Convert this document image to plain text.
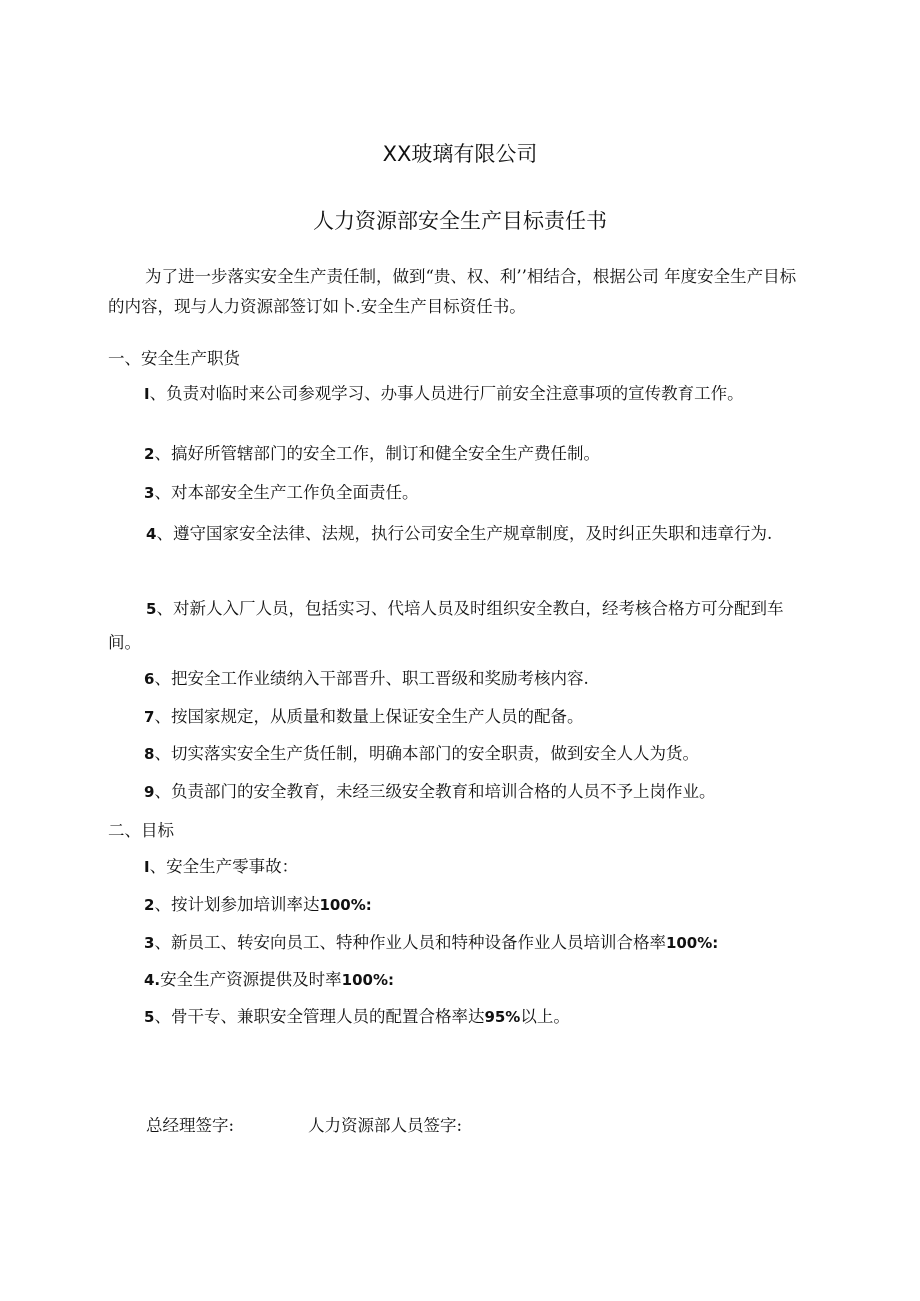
XX玻璃有限公司
人力资源部安全生产目标责任书
为了进一步落实安全生产责任制，做到“贵、权、利’’相结合，根据公司 年度安全生产目标的内容，现与人力资源部签订如卜.安全生产目标资任书。
一、安全生产职货
I、负责对临时来公司参观学习、办事人员进行厂前安全注意事项的宣传教育工作。
2、搞好所管辖部门的安全工作，制订和健全安全生产费任制。
3、对本部安全生产工作负全面责任。
4、遵守国家安全法律、法规，执行公司安全生产规章制度，及时纠正失职和违章行为.
5、对新人入厂人员，包括实习、代培人员及时组织安全教白，经考核合格方可分配到车间。
6、把安全工作业绩纳入干部晋升、职工晋级和奖励考核内容.
7、按国家规定，从质量和数量上保证安全生产人员的配备。
8、切实落实安全生产货任制，明确本部门的安全职责，做到安全人人为货。
9、负责部门的安全教育，未经三级安全教育和培训合格的人员不予上岗作业。
二、目标
I、安全生产零事故：
2、按计划参加培训率达100%:
3、新员工、转安向员工、特种作业人员和特种设备作业人员培训合格率100%:
4.安全生产资源提供及时率100%:
5、骨干专、兼职安全管理人员的配置合格率达95%以上。
总经理签字:	人力资源部人员签字:
